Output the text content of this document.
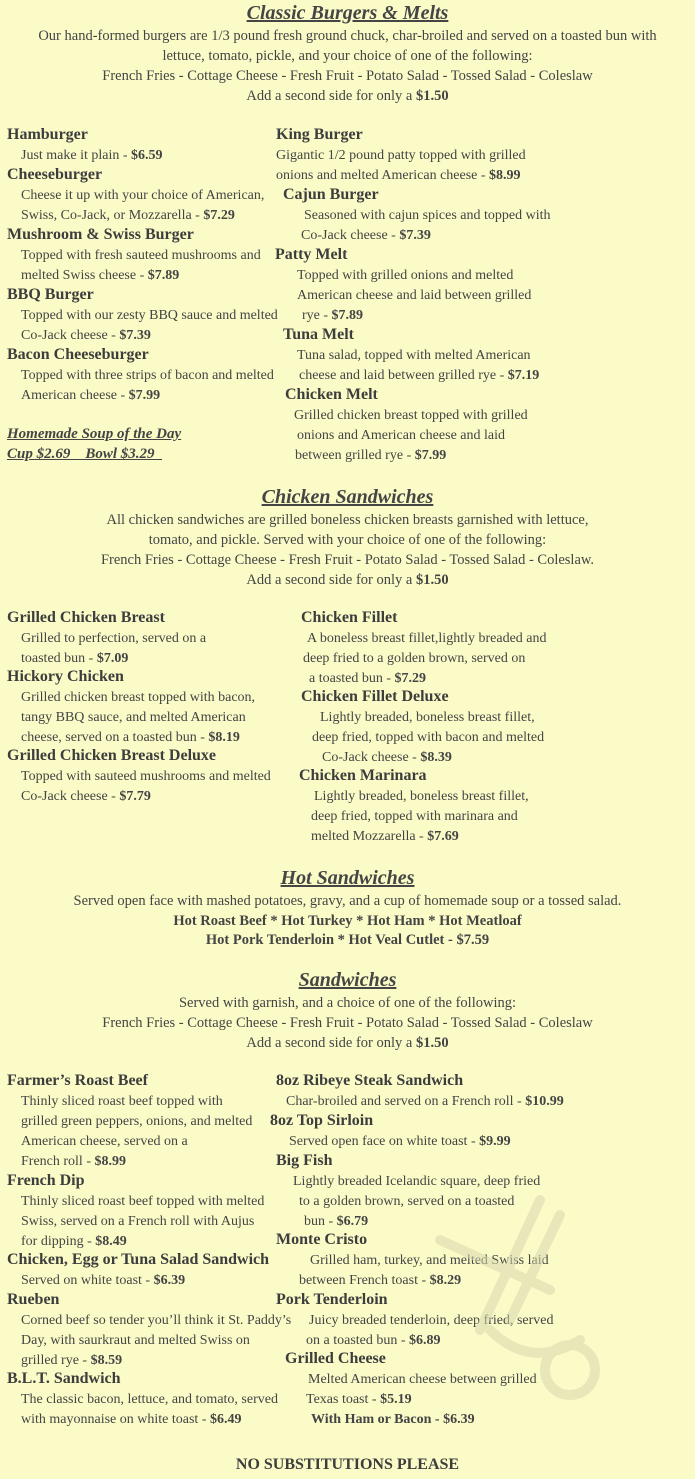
Classic Burgers & Melts
Our hand-formed burgers are 1/3 pound fresh ground chuck, char-broiled and served on a toasted bun with
lettuce, tomato, pickle, and your choice of one of the following:
French Fries - Cottage Cheese - Fresh Fruit - Potato Salad - Tossed Salad - Coleslaw
Add a second side for only a $1.50
Hamburger
Just make it plain - $6.59
Cheeseburger
Cheese it up with your choice of American,
Swiss, Co-Jack, or Mozzarella - $7.29
Mushroom & Swiss Burger
Topped with fresh sauteed mushrooms and
melted Swiss cheese - $7.89
BBQ Burger
Topped with our zesty BBQ sauce and melted
Co-Jack cheese - $7.39
Bacon Cheeseburger
Topped with three strips of bacon and melted
American cheese - $7.99
Homemade Soup of the Day
Cup $2.69    Bowl $3.29
King Burger
Gigantic 1/2 pound patty topped with grilled
onions and melted American cheese - $8.99
Cajun Burger
Seasoned with cajun spices and topped with
Co-Jack cheese - $7.39
Patty Melt
Topped with grilled onions and melted
American cheese and laid between grilled
rye - $7.89
Tuna Melt
Tuna salad, topped with melted American
cheese and laid between grilled rye - $7.19
Chicken Melt
Grilled chicken breast topped with grilled
onions and American cheese and laid
between grilled rye - $7.99
Chicken Sandwiches
All chicken sandwiches are grilled boneless chicken breasts garnished with lettuce,
tomato, and pickle. Served with your choice of one of the following:
French Fries - Cottage Cheese - Fresh Fruit - Potato Salad - Tossed Salad - Coleslaw.
Add a second side for only a $1.50
Grilled Chicken Breast
Grilled to perfection, served on a
toasted bun - $7.09
Hickory Chicken
Grilled chicken breast topped with bacon,
tangy BBQ sauce, and melted American
cheese, served on a toasted bun - $8.19
Grilled Chicken Breast Deluxe
Topped with sauteed mushrooms and melted
Co-Jack cheese - $7.79
Chicken Fillet
A boneless breast fillet,lightly breaded and
deep fried to a golden brown, served on
a toasted bun - $7.29
Chicken Fillet Deluxe
Lightly breaded, boneless breast fillet,
deep fried, topped with bacon and melted
Co-Jack cheese - $8.39
Chicken Marinara
Lightly breaded, boneless breast fillet,
deep fried, topped with marinara and
melted Mozzarella - $7.69
Hot Sandwiches
Served open face with mashed potatoes, gravy, and a cup of homemade soup or a tossed salad.
Hot Roast Beef * Hot Turkey * Hot Ham * Hot Meatloaf
Hot Pork Tenderloin * Hot Veal Cutlet - $7.59
Sandwiches
Served with garnish, and a choice of one of the following:
French Fries - Cottage Cheese - Fresh Fruit - Potato Salad - Tossed Salad - Coleslaw
Add a second side for only a $1.50
Farmer’s Roast Beef
Thinly sliced roast beef topped with
grilled green peppers, onions, and melted
American cheese, served on a
French roll - $8.99
French Dip
Thinly sliced roast beef topped with melted
Swiss, served on a French roll with Aujus
for dipping - $8.49
Chicken, Egg or Tuna Salad Sandwich
Served on white toast - $6.39
Rueben
Corned beef so tender you’ll think it St. Paddy’s
Day, with saurkraut and melted Swiss on
grilled rye - $8.59
B.L.T. Sandwich
The classic bacon, lettuce, and tomato, served
with mayonnaise on white toast - $6.49
8oz Ribeye Steak Sandwich
Char-broiled and served on a French roll - $10.99
8oz Top Sirloin
Served open face on white toast - $9.99
Big Fish
Lightly breaded Icelandic square, deep fried
to a golden brown, served on a toasted
bun - $6.79
Monte Cristo
Grilled ham, turkey, and melted Swiss laid
between French toast - $8.29
Pork Tenderloin
Juicy breaded tenderloin, deep fried, served
on a toasted bun - $6.89
Grilled Cheese
Melted American cheese between grilled
Texas toast - $5.19
With Ham or Bacon - $6.39
NO SUBSTITUTIONS PLEASE
